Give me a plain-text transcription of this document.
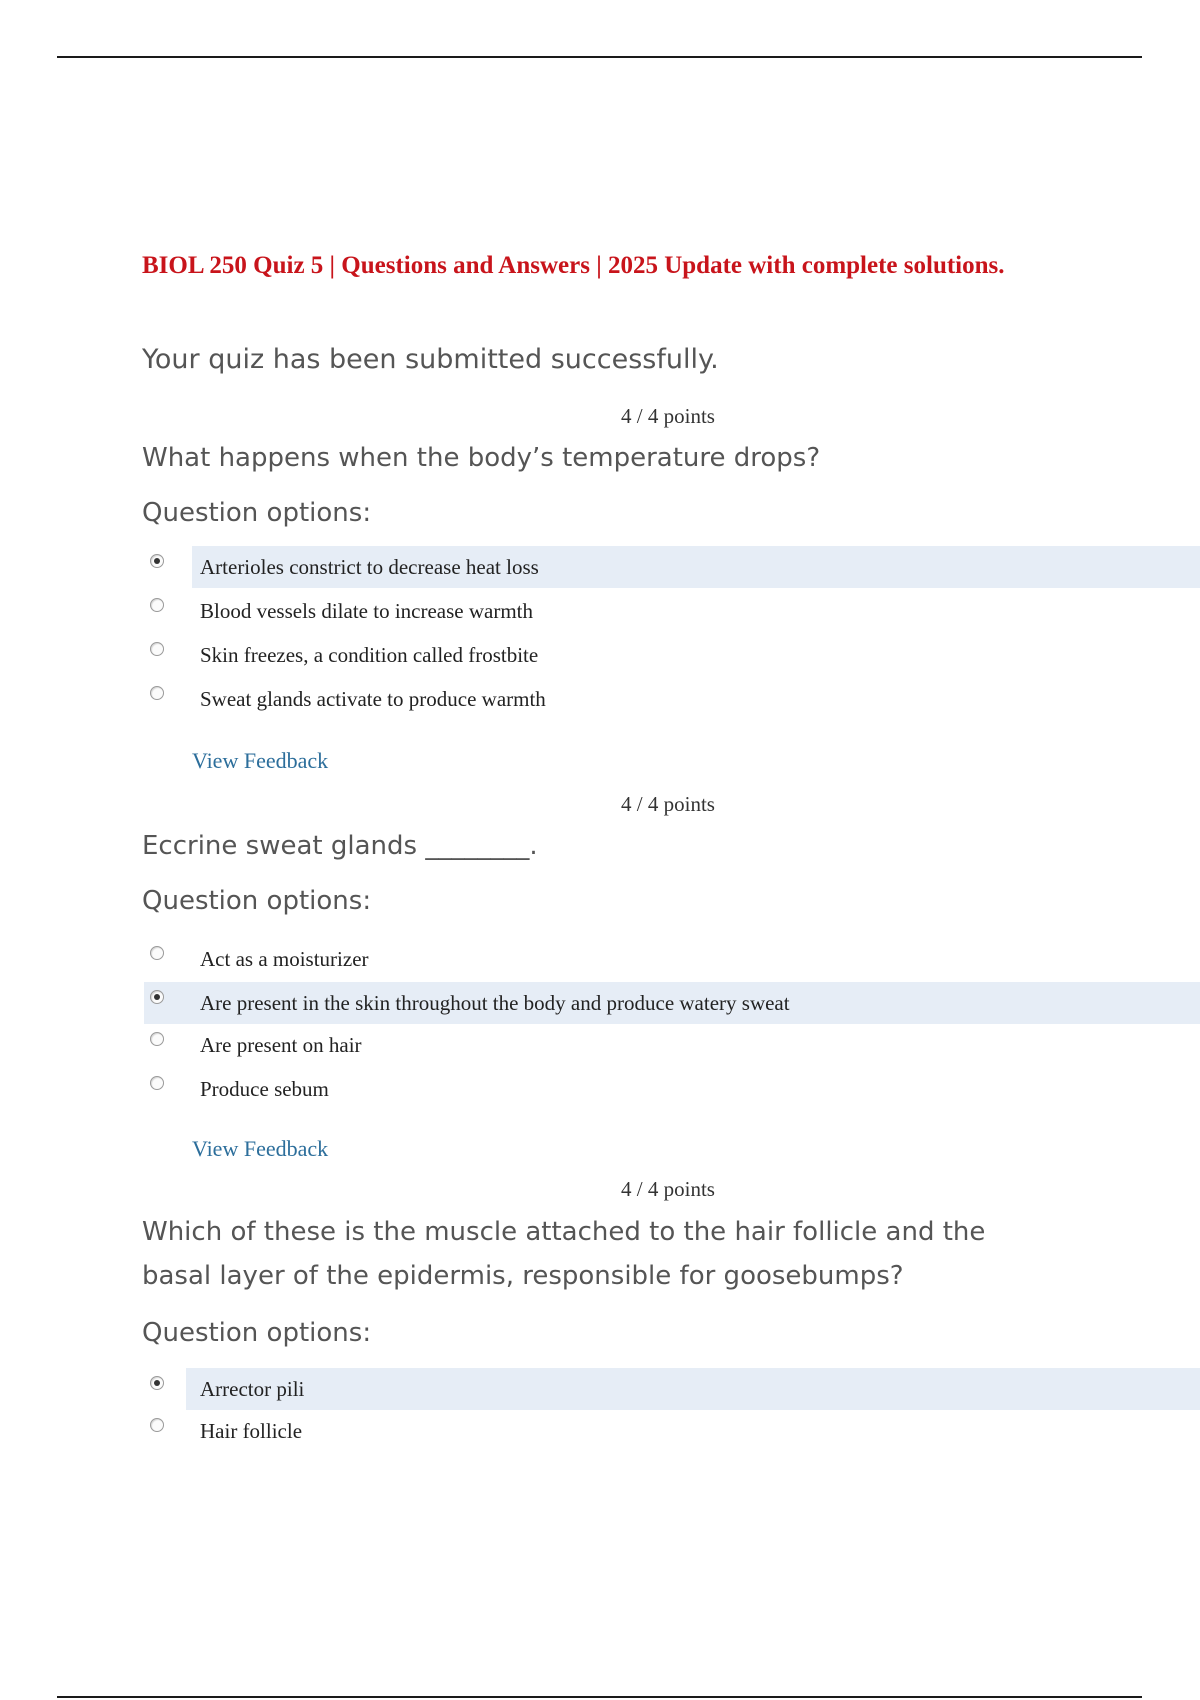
BIOL 250 Quiz 5 | Questions and Answers | 2025 Update with complete solutions.
Your quiz has been submitted successfully.
4 / 4 points
What happens when the body’s temperature drops?
Question options:
Arterioles constrict to decrease heat loss
Blood vessels dilate to increase warmth
Skin freezes, a condition called frostbite
Sweat glands activate to produce warmth
View Feedback
4 / 4 points
Eccrine sweat glands ________.
Question options:
Act as a moisturizer
Are present in the skin throughout the body and produce watery sweat
Are present on hair
Produce sebum
View Feedback
4 / 4 points
Which of these is the muscle attached to the hair follicle and the
basal layer of the epidermis, responsible for goosebumps?
Question options:
Arrector pili
Hair follicle
